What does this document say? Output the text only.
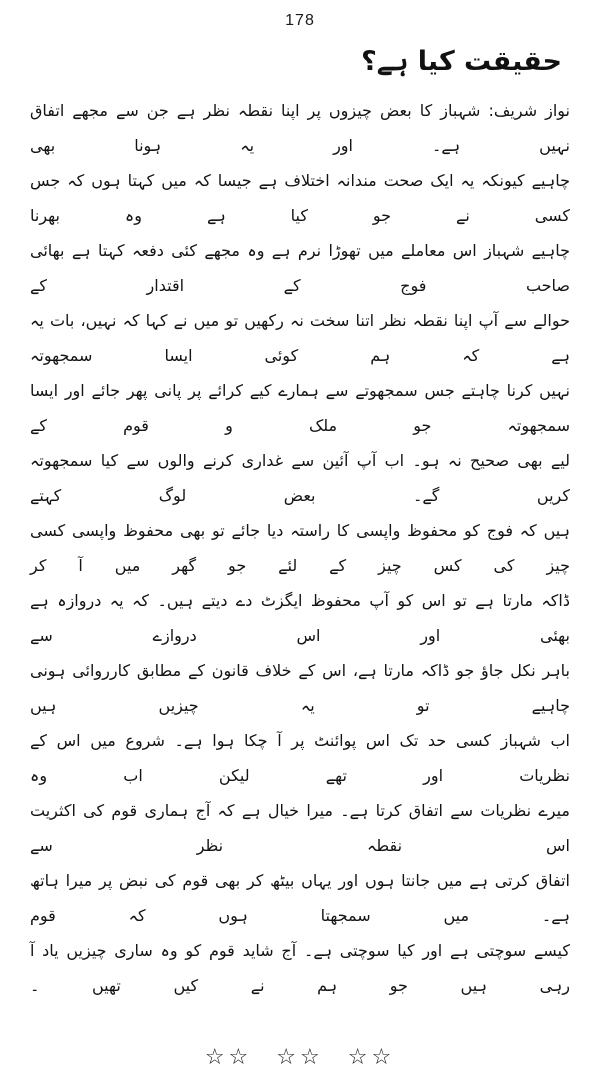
178
حقیقت کیا ہے؟
نواز شریف: شہباز کا بعض چیزوں پر اپنا نقطہ نظر ہے جن سے مجھے اتفاق نہیں ہے۔ اور یہ ہونا بھی
چاہیے کیونکہ یہ ایک صحت مندانہ اختلاف ہے جیسا کہ میں کہتا ہوں کہ جس کسی نے جو کیا ہے وہ بھرنا
چاہیے شہباز اس معاملے میں تھوڑا نرم ہے وہ مجھے کئی دفعہ کہتا ہے بھائی صاحب فوج کے اقتدار کے
حوالے سے آپ اپنا نقطہ نظر اتنا سخت نہ رکھیں تو میں نے کہا کہ نہیں، بات یہ ہے کہ ہم کوئی ایسا سمجھوتہ
نہیں کرنا چاہتے جس سمجھوتے سے ہمارے کیے کرائے پر پانی پھر جائے اور ایسا سمجھوتہ جو ملک و قوم کے
لیے بھی صحیح نہ ہو۔ اب آپ آئین سے غداری کرنے والوں سے کیا سمجھوتہ کریں گے۔ بعض لوگ کہتے
ہیں کہ فوج کو محفوظ واپسی کا راستہ دیا جائے تو بھی محفوظ واپسی کسی چیز کی کس چیز کے لئے جو گھر میں آ کر
ڈاکہ مارتا ہے تو اس کو آپ محفوظ ایگزٹ دے دیتے ہیں۔ کہ یہ دروازہ ہے بھئی اور اس دروازے سے
باہر نکل جاؤ جو ڈاکہ مارتا ہے، اس کے خلاف قانون کے مطابق کارروائی ہونی چاہیے تو یہ چیزیں ہیں
اب شہباز کسی حد تک اس پوائنٹ پر آ چکا ہوا ہے۔ شروع میں اس کے نظریات اور تھے لیکن اب وہ
میرے نظریات سے اتفاق کرتا ہے۔ میرا خیال ہے کہ آج ہماری قوم کی اکثریت اس نقطہ نظر سے
اتفاق کرتی ہے میں جانتا ہوں اور یہاں بیٹھ کر بھی قوم کی نبض پر میرا ہاتھ ہے۔ میں سمجھتا ہوں کہ قوم
کیسے سوچتی ہے اور کیا سوچتی ہے۔ آج شاید قوم کو وہ ساری چیزیں یاد آ رہی ہیں جو ہم نے کیں تھیں ۔
☆☆ ☆☆ ☆☆
